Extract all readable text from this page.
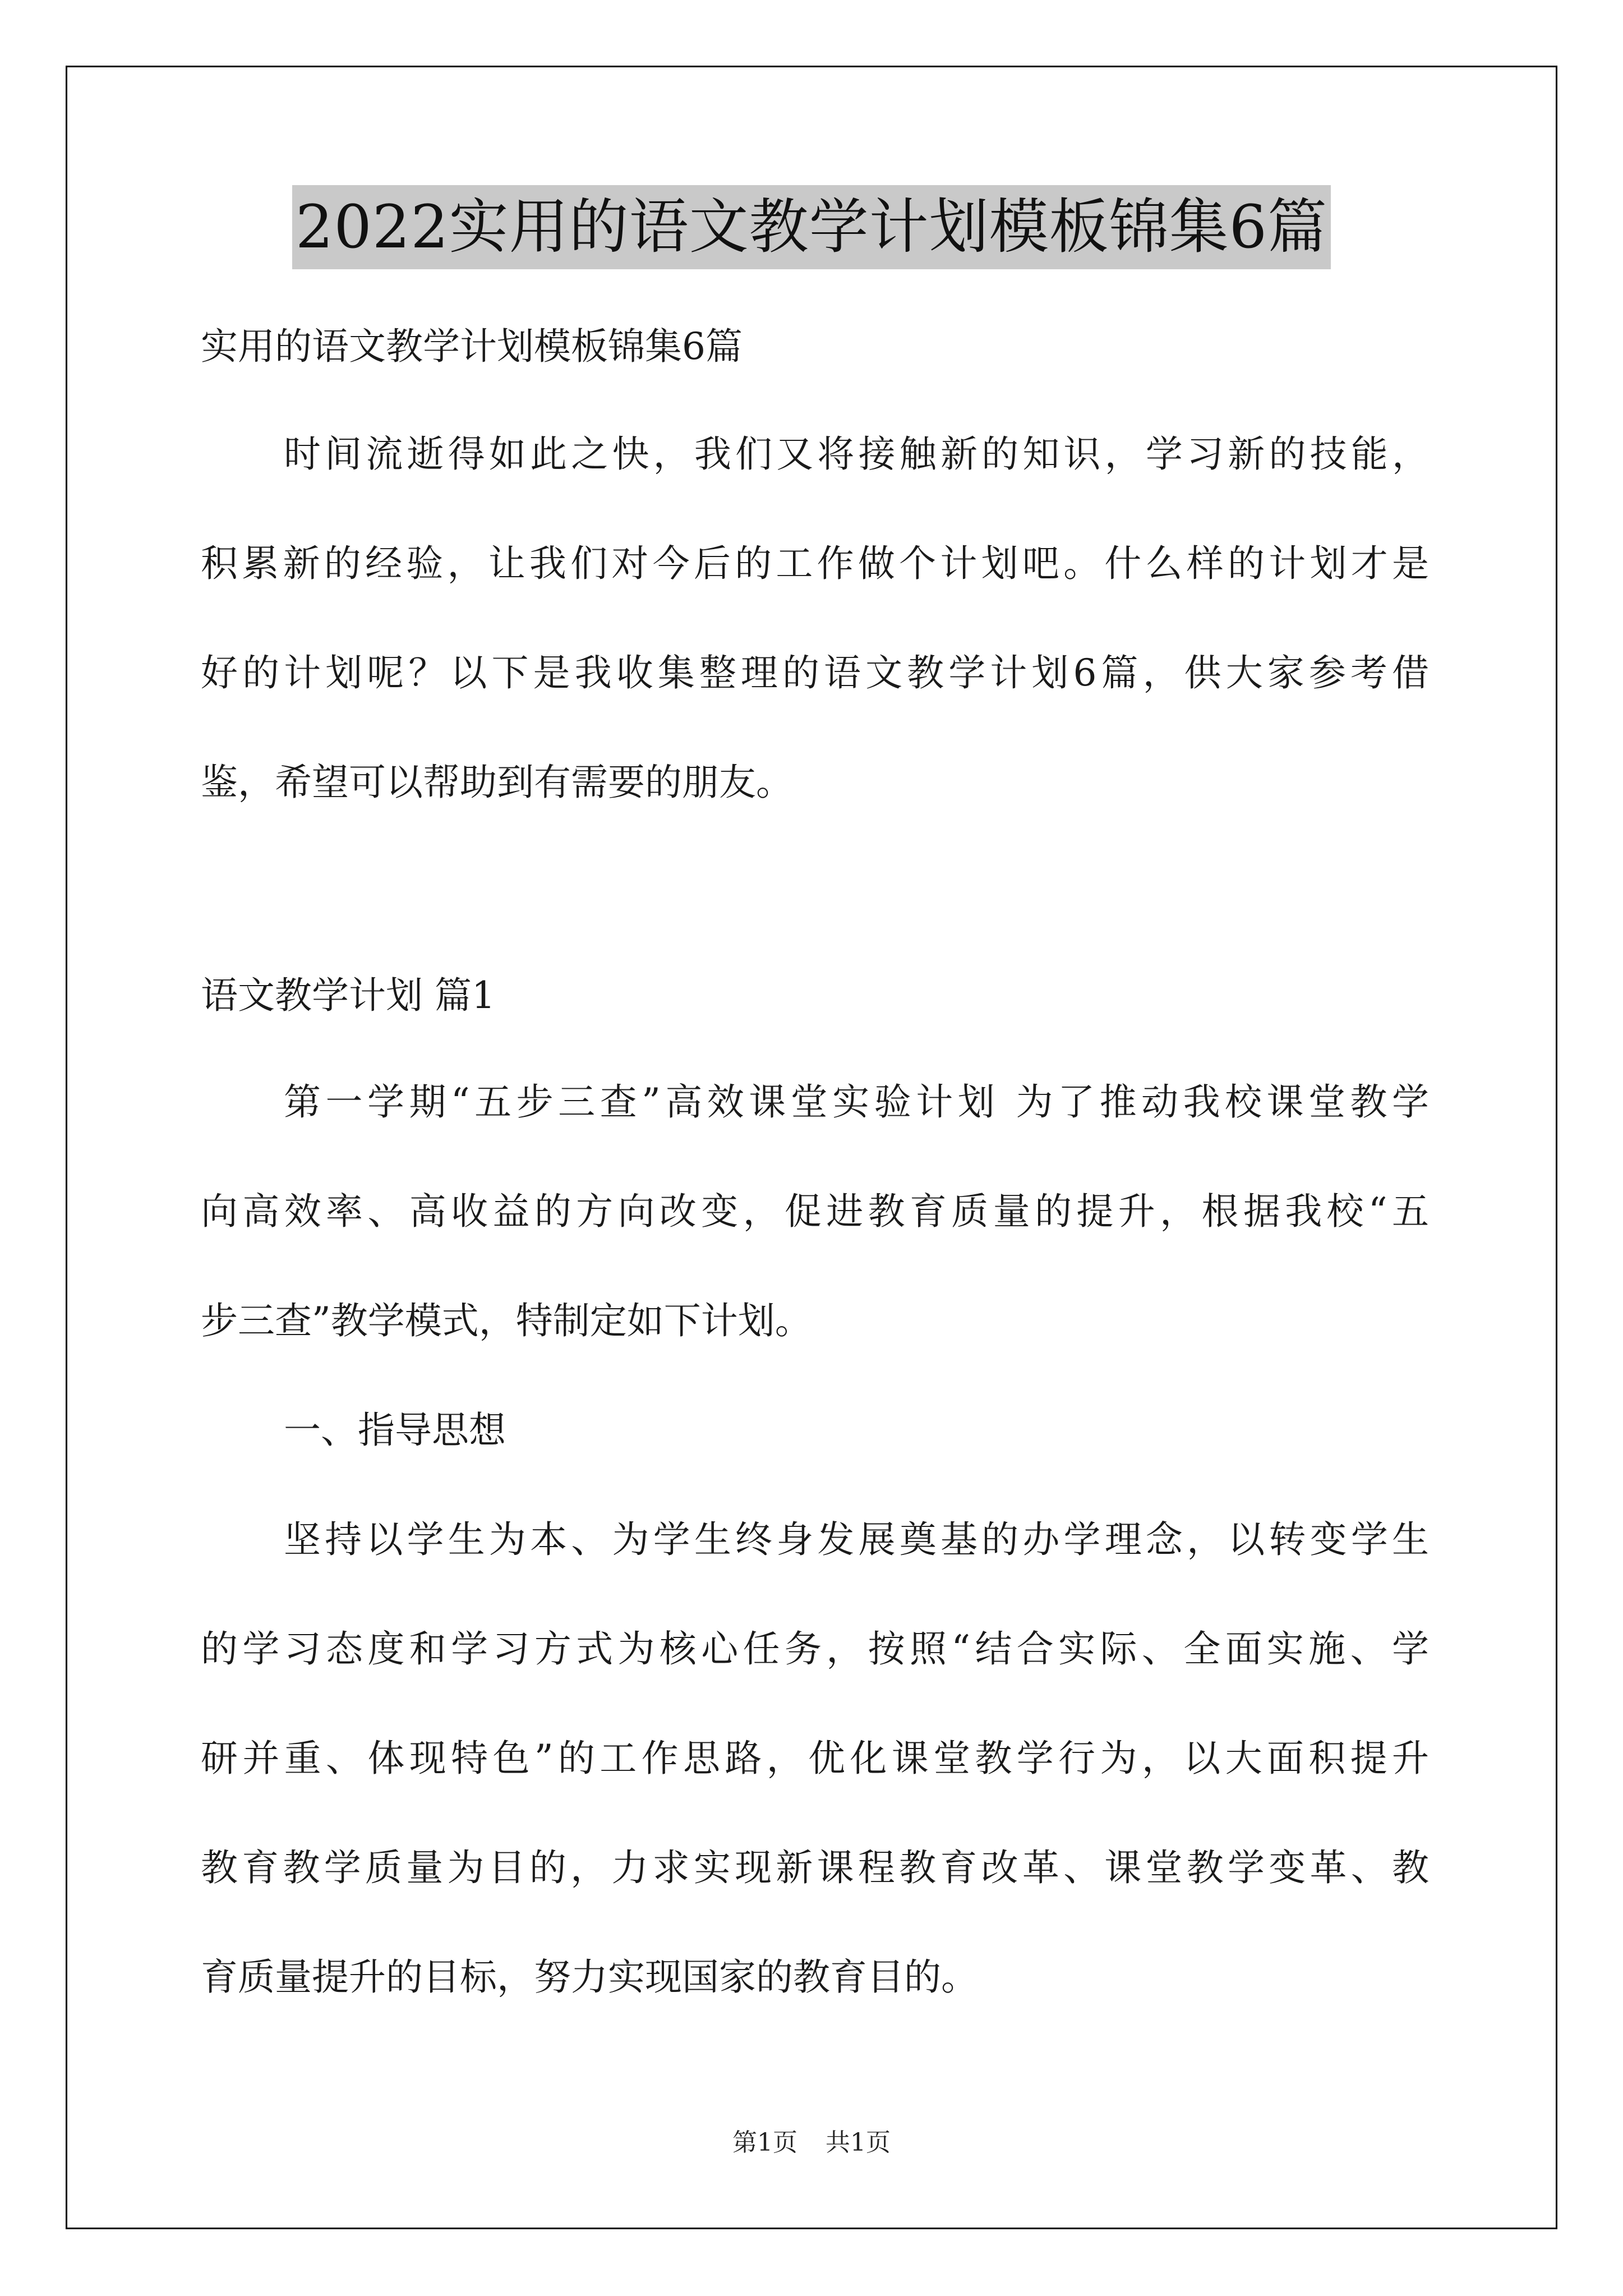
2022实用的语文教学计划模板锦集6篇
实用的语文教学计划模板锦集6篇
时间流逝得如此之快，我们又将接触新的知识，学习新的技能，
积累新的经验，让我们对今后的工作做个计划吧。什么样的计划才是
好的计划呢？以下是我收集整理的语文教学计划6篇，供大家参考借
鉴，希望可以帮助到有需要的朋友。
语文教学计划 篇1
第一学期“五步三查”高效课堂实验计划 为了推动我校课堂教学
向高效率、高收益的方向改变，促进教育质量的提升，根据我校“五
步三查”教学模式，特制定如下计划。
一、指导思想
坚持以学生为本、为学生终身发展奠基的办学理念，以转变学生
的学习态度和学习方式为核心任务，按照“结合实际、全面实施、学
研并重、体现特色”的工作思路，优化课堂教学行为，以大面积提升
教育教学质量为目的，力求实现新课程教育改革、课堂教学变革、教
育质量提升的目标，努力实现国家的教育目的。
第1页 共1页
